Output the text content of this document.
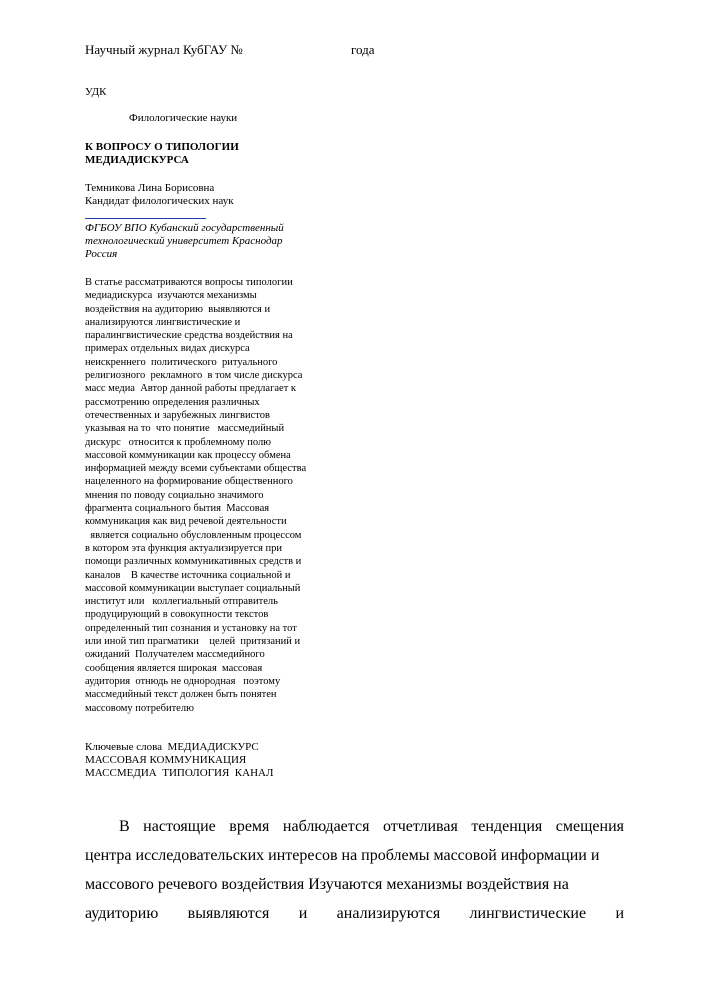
Научный журнал КубГАУ №	года
УДК
Филологические науки
К ВОПРОСУ О ТИПОЛОГИИ
МЕДИАДИСКУРСА
Темникова Лина Борисовна
Кандидат филологических наук
ФГБОУ ВПО Кубанский государственный
технологический университет Краснодар
Россия
В статье рассматриваются вопросы типологии
медиадискурса  изучаются механизмы
воздействия на аудиторию  выявляются и
анализируются лингвистические и
паралингвистические средства воздействия на
примерах отдельных видах дискурса
неискреннего  политического  ритуального
религиозного  рекламного  в том числе дискурса
масс медиа  Автор данной работы предлагает к
рассмотрению определения различных
отечественных и зарубежных лингвистов
указывая на то  что понятие   массмедийный
дискурс   относится к проблемному полю
массовой коммуникации как процессу обмена
информацией между всеми субъектами общества
нацеленного на формирование общественного
мнения по поводу социально значимого
фрагмента социального бытия  Массовая
коммуникация как вид речевой деятельности
является социально обусловленным процессом
в котором эта функция актуализируется при
помощи различных коммуникативных средств и
каналов    В качестве источника социальной и
массовой коммуникации выступает социальный
институт или   коллегиальный отправитель
продуцирующий в совокупности текстов
определенный тип сознания и установку на тот
или иной тип прагматики    целей  притязаний и
ожиданий  Получателем массмедийного
сообщения является широкая  массовая
аудитория  отнюдь не однородная   поэтому
массмедийный текст должен быть понятен
массовому потребителю
Ключевые слова  МЕДИАДИСКУРС
МАССОВАЯ КОММУНИКАЦИЯ
МАССМЕДИА  ТИПОЛОГИЯ  КАНАЛ
В настоящие время наблюдается отчетливая тенденция смещения
центра исследовательских интересов на проблемы массовой информации и
массового речевого воздействия Изучаются механизмы воздействия на
аудиторию выявляются и анализируются лингвистические и
